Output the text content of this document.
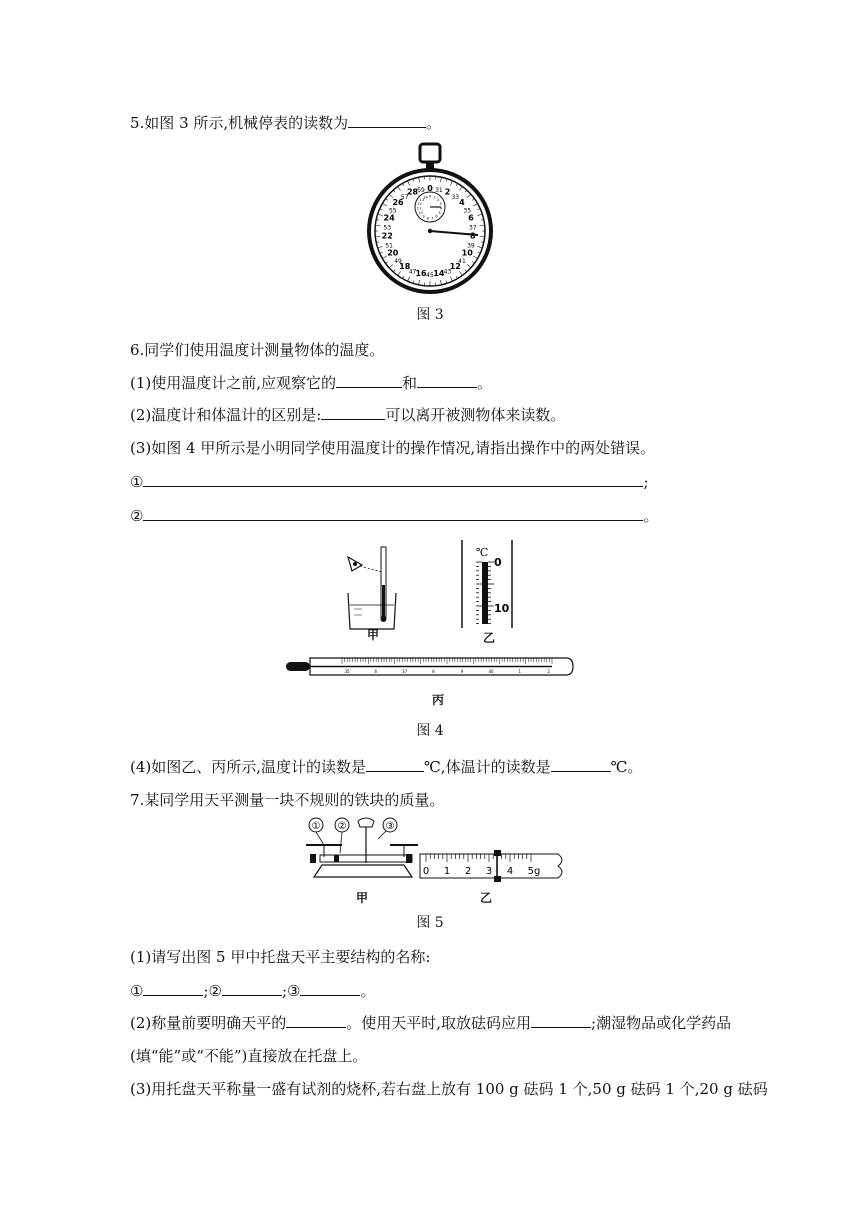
5.如图 3 所示,机械停表的读数为	。
0 31 2
33
4
35
6
37
8
39
10
41
12
43
14
45
16
47
18
49
20
51
22
53
24
55
26
57
28 59
0 1
2
3
4
5
6
7
8
9
10
11
12
13
14
图 3
6.同学们使用温度计测量物体的温度。
(1)使用温度计之前,应观察它的	和	。
(2)温度计和体温计的区别是:	可以离开被测物体来读数。
(3)如图 4 甲所示是小明同学使用温度计的操作情况,请指出操作中的两处错误。
①	;
②	。
甲
℃
0
10
乙
35	6	37	8	9	40	1	2
丙
图 4
(4)如图乙、丙所示,温度计的读数是	℃,体温计的读数是	℃。
7.某同学用天平测量一块不规则的铁块的质量。
① ②	③
甲
0 1 2 3 4 5g
乙
图 5
(1)请写出图 5 甲中托盘天平主要结构的名称:
①	;②	;③	。
(2)称量前要明确天平的	。使用天平时,取放砝码应用	;潮湿物品或化学药品
(填“能”或“不能”)直接放在托盘上。
(3)用托盘天平称量一盛有试剂的烧杯,若右盘上放有 100 g 砝码 1 个,50 g 砝码 1 个,20 g 砝码
